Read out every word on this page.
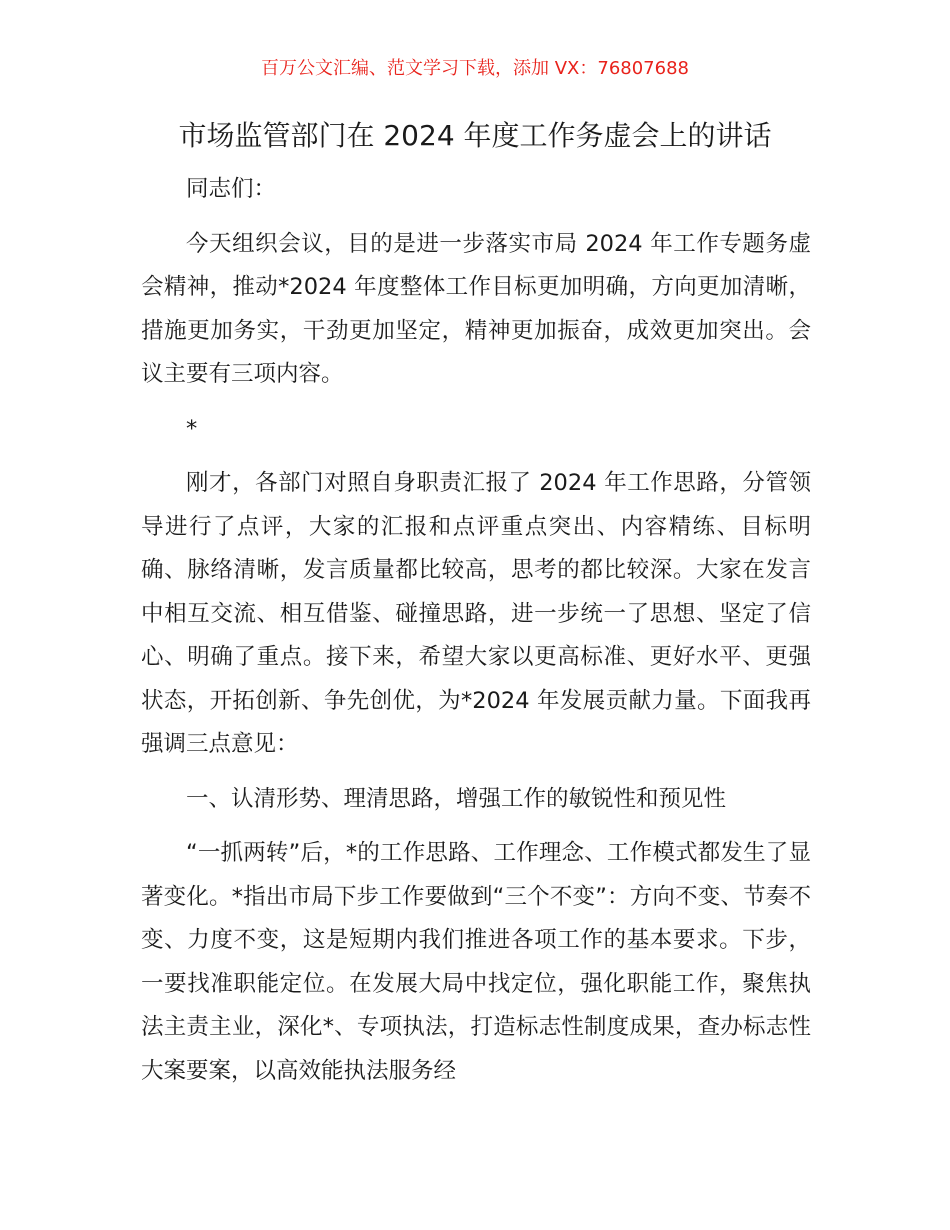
百万公文汇编、范文学习下载，添加 VX：76807688
市场监管部门在 2024 年度工作务虚会上的讲话

同志们：

今天组织会议，目的是进一步落实市局 2024 年工作专题务虚会精神，推动*2024 年度整体工作目标更加明确，方向更加清晰，措施更加务实，干劲更加坚定，精神更加振奋，成效更加突出。会议主要有三项内容。

*

刚才，各部门对照自身职责汇报了 2024 年工作思路，分管领导进行了点评，大家的汇报和点评重点突出、内容精练、目标明确、脉络清晰，发言质量都比较高，思考的都比较深。大家在发言中相互交流、相互借鉴、碰撞思路，进一步统一了思想、坚定了信心、明确了重点。接下来，希望大家以更高标准、更好水平、更强状态，开拓创新、争先创优，为*2024 年发展贡献力量。下面我再强调三点意见：

一、认清形势、理清思路，增强工作的敏锐性和预见性

“一抓两转”后，*的工作思路、工作理念、工作模式都发生了显著变化。*指出市局下步工作要做到“三个不变”：方向不变、节奏不变、力度不变，这是短期内我们推进各项工作的基本要求。下步，一要找准职能定位。在发展大局中找定位，强化职能工作，聚焦执法主责主业，深化*、专项执法，打造标志性制度成果，查办标志性大案要案，以高效能执法服务经
